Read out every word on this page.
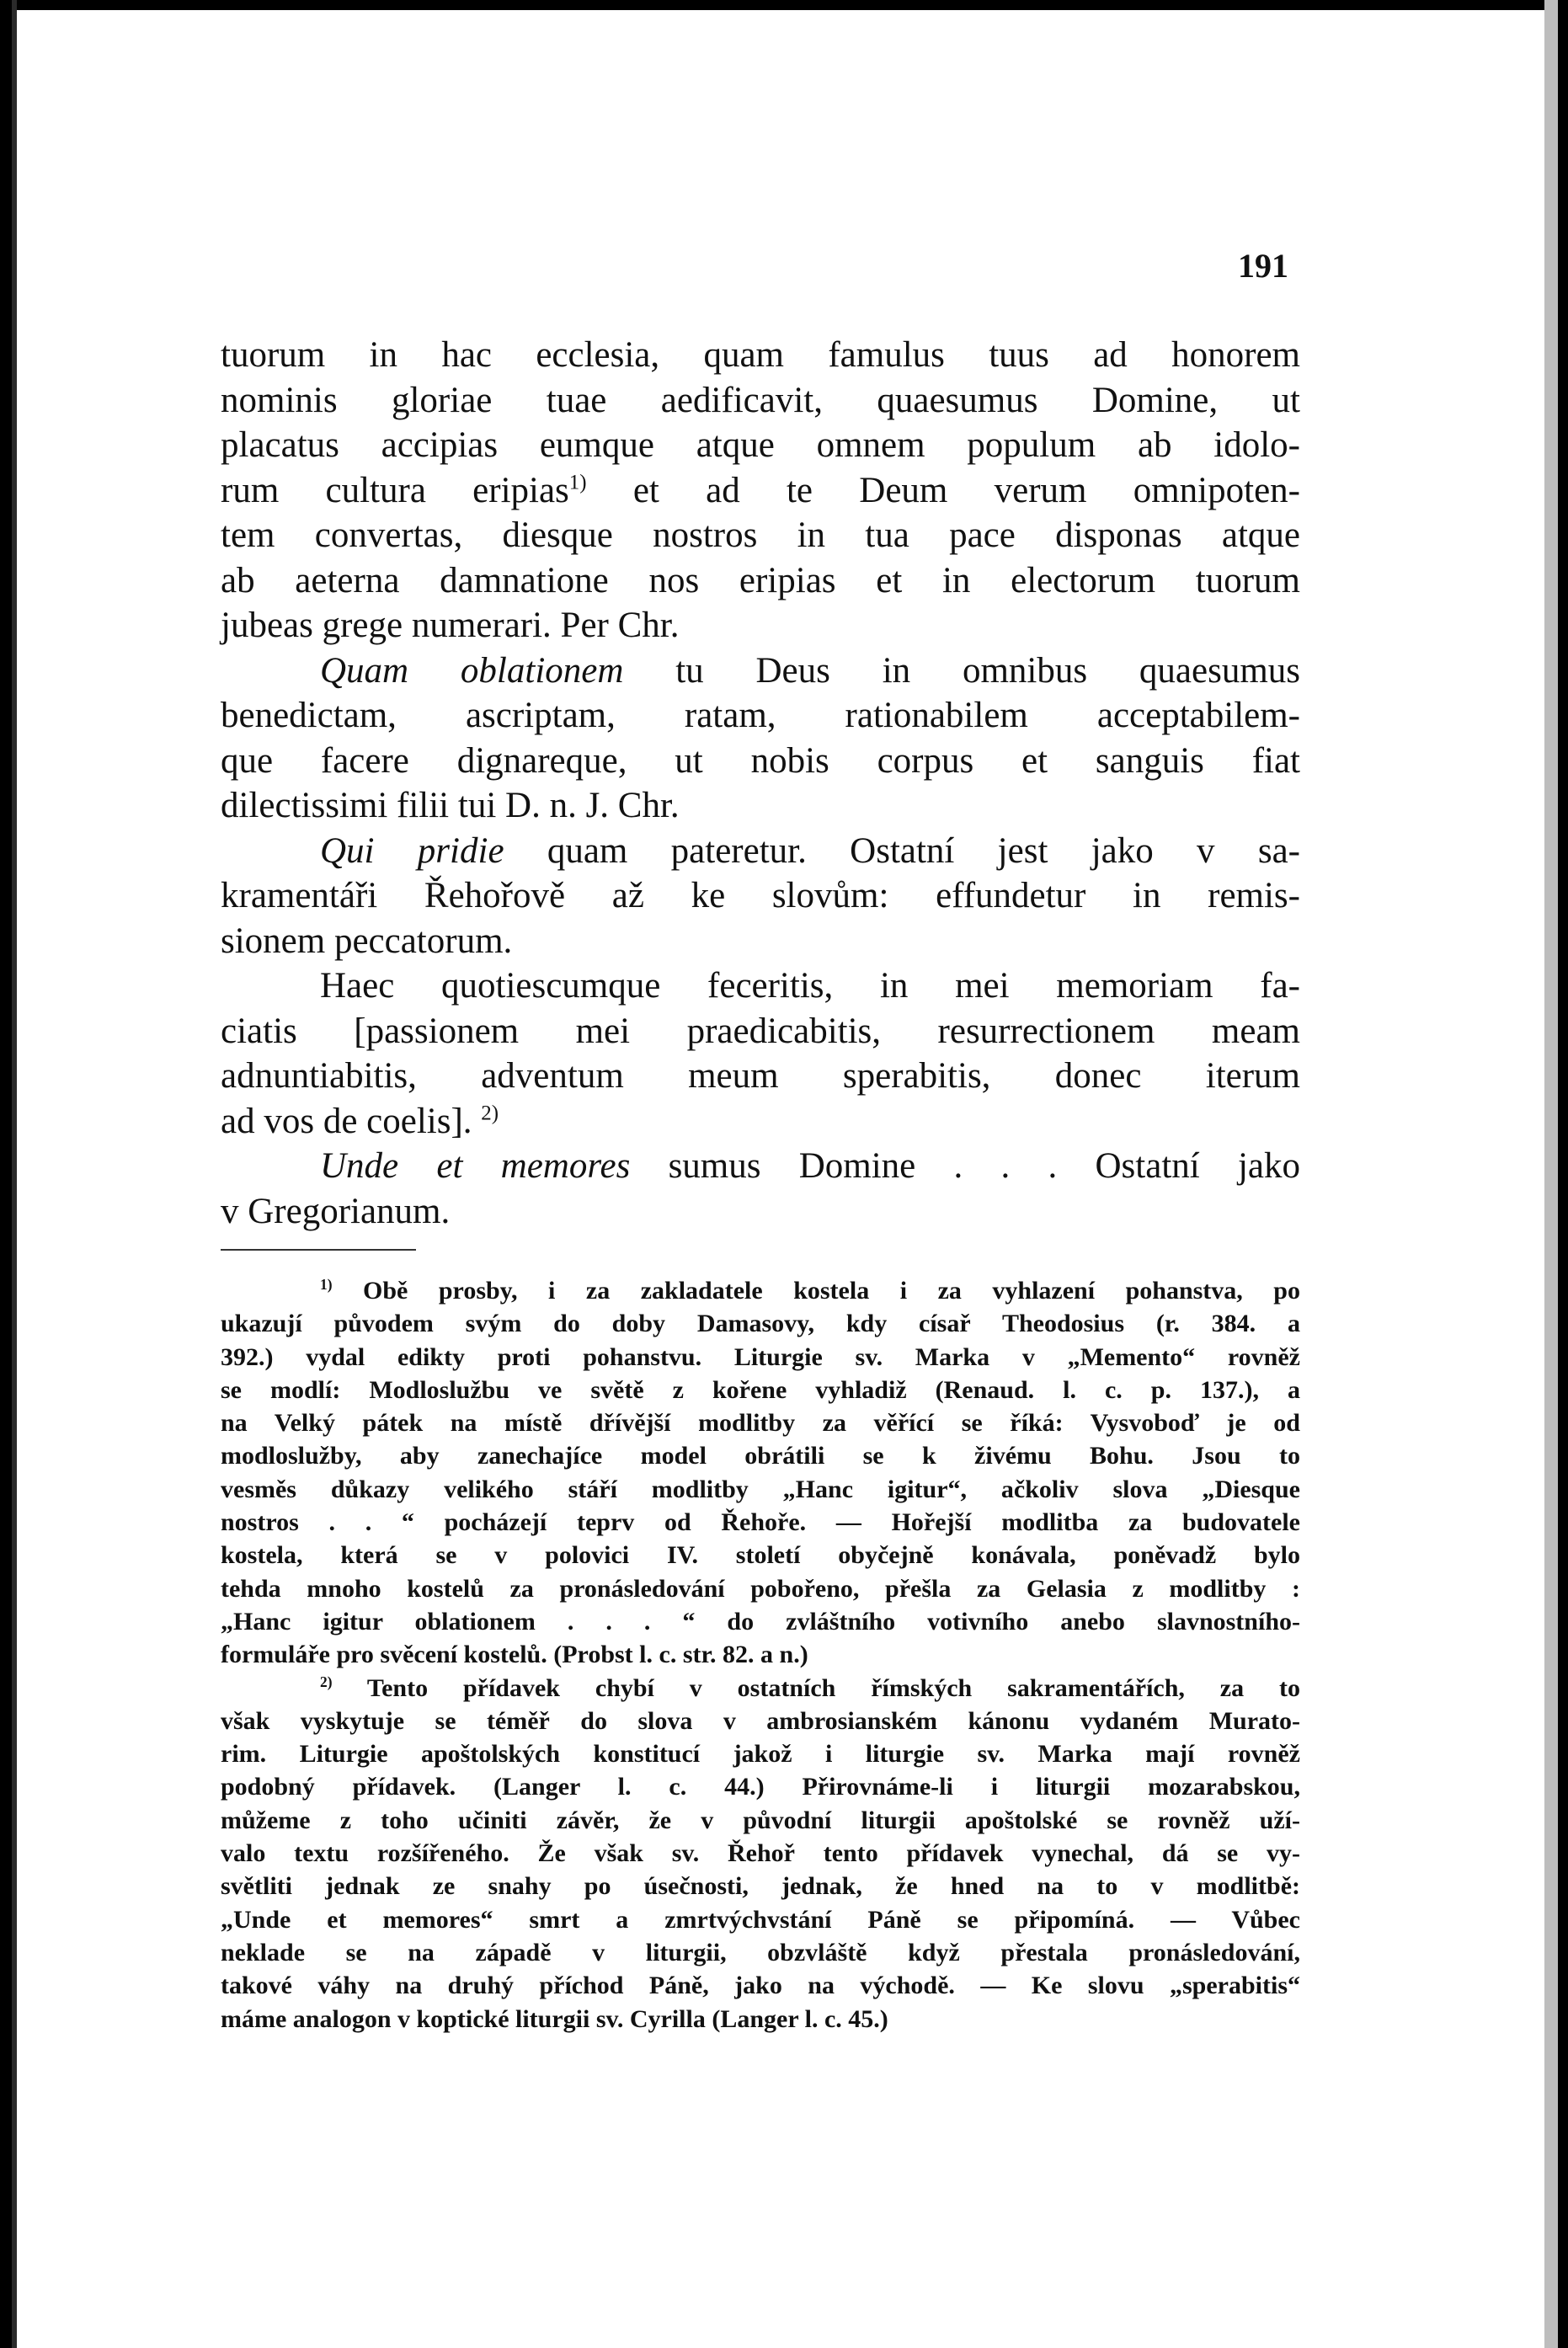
191
tuorum in hac ecclesia, quam famulus tuus ad honorem
nominis gloriae tuae aedificavit, quaesumus Domine, ut
placatus accipias eumque atque omnem populum ab idolo-
rum cultura eripias$^{1)}$ et ad te Deum verum omnipoten-
tem convertas, diesque nostros in tua pace disponas atque
ab aeterna damnatione nos eripias et in electorum tuorum
jubeas grege numerari. Per Chr.
Quam oblationem tu Deus in omnibus quaesumus
benedictam, ascriptam, ratam, rationabilem acceptabilem-
que facere dignareque, ut nobis corpus et sanguis fiat
dilectissimi filii tui D. n. J. Chr.
Qui pridie quam pateretur. Ostatní jest jako v sa-
kramentáři Řehořově až ke slovům: effundetur in remis-
sionem peccatorum.
Haec quotiescumque feceritis, in mei memoriam fa-
ciatis [passionem mei praedicabitis, resurrectionem meam
adnuntiabitis, adventum meum sperabitis, donec iterum
ad vos de coelis]. $^{2)}$
Unde et memores sumus Domine . . . Ostatní jako
v Gregorianum.
$^{1)}$ Obě prosby, i za zakladatele kostela i za vyhlazení pohanstva, po
ukazují původem svým do doby Damasovy, kdy císař Theodosius (r. 384. a
392.) vydal edikty proti pohanstvu. Liturgie sv. Marka v „Memento“ rovněž
se modlí: Modloslužbu ve světě z kořene vyhladiž (Renaud. l. c. p. 137.), a
na Velký pátek na místě dřívější modlitby za věřící se říká: Vysvoboď je od
modloslužby, aby zanechajíce model obrátili se k živému Bohu. Jsou to
vesměs důkazy velikého stáří modlitby „Hanc igitur“, ačkoliv slova „Diesque
nostros . . “ pocházejí teprv od Řehoře. — Hořejší modlitba za budovatele
kostela, která se v polovici IV. století obyčejně konávala, poněvadž bylo
tehda mnoho kostelů za pronásledování pobořeno, přešla za Gelasia z modlitby :
„Hanc igitur oblationem . . . “ do zvláštního votivního anebo slavnostního-
formuláře pro svěcení kostelů. (Probst l. c. str. 82. a n.)
$^{2)}$ Tento přídavek chybí v ostatních římských sakramentářích, za to
však vyskytuje se téměř do slova v ambrosianském kánonu vydaném Murato-
rim. Liturgie apoštolských konstitucí jakož i liturgie sv. Marka mají rovněž
podobný přídavek. (Langer l. c. 44.) Přirovnáme-li i liturgii mozarabskou,
můžeme z toho učiniti závěr, že v původní liturgii apoštolské se rovněž uží-
valo textu rozšířeného. Že však sv. Řehoř tento přídavek vynechal, dá se vy-
světliti jednak ze snahy po úsečnosti, jednak, že hned na to v modlitbě:
„Unde et memores“ smrt a zmrtvýchvstání Páně se připomíná. — Vůbec
neklade se na západě v liturgii, obzvláště když přestala pronásledování,
takové váhy na druhý příchod Páně, jako na východě. — Ke slovu „sperabitis“
máme analogon v koptické liturgii sv. Cyrilla (Langer l. c. 45.)
